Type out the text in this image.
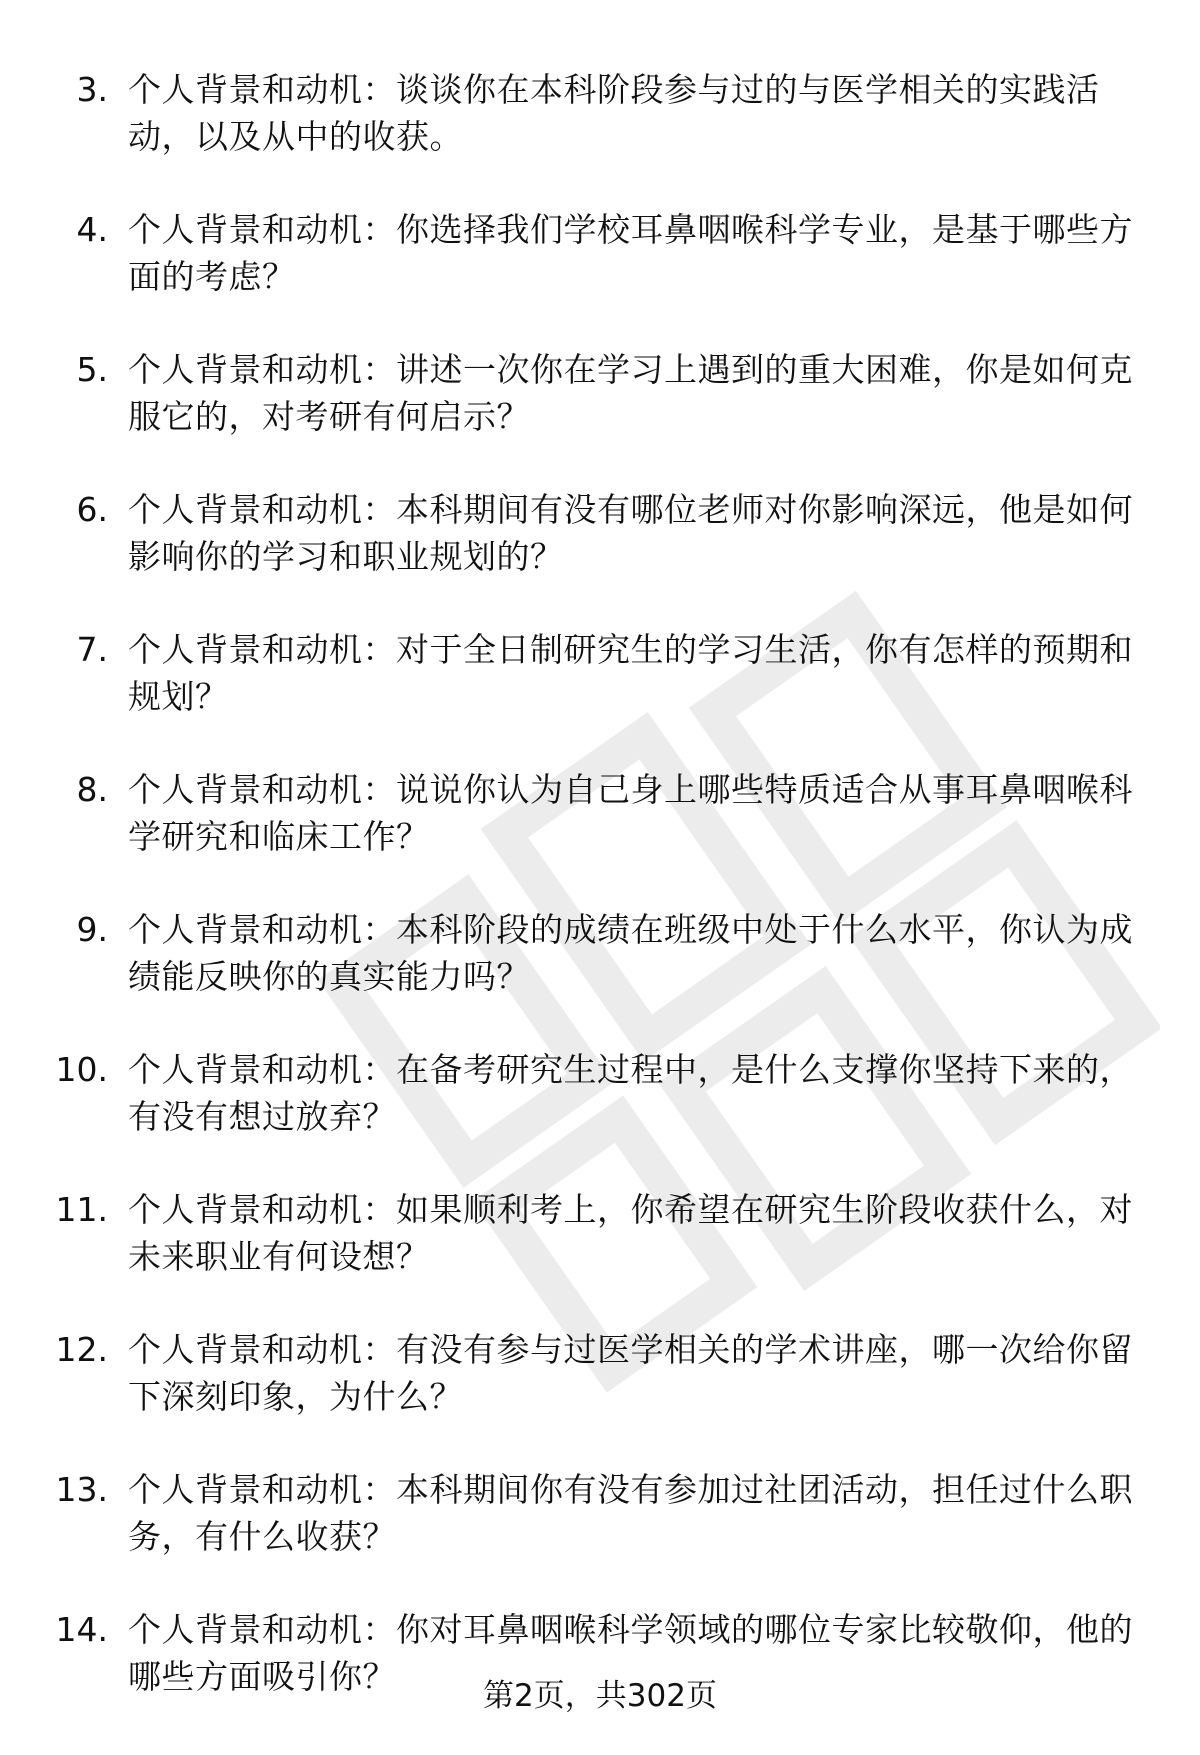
3. 个人背景和动机：谈谈你在本科阶段参与过的与医学相关的实践活动，以及从中的收获。
4. 个人背景和动机：你选择我们学校耳鼻咽喉科学专业，是基于哪些方面的考虑？
5. 个人背景和动机：讲述一次你在学习上遇到的重大困难，你是如何克服它的，对考研有何启示？
6. 个人背景和动机：本科期间有没有哪位老师对你影响深远，他是如何影响你的学习和职业规划的？
7. 个人背景和动机：对于全日制研究生的学习生活，你有怎样的预期和规划？
8. 个人背景和动机：说说你认为自己身上哪些特质适合从事耳鼻咽喉科学研究和临床工作？
9. 个人背景和动机：本科阶段的成绩在班级中处于什么水平，你认为成绩能反映你的真实能力吗？
10. 个人背景和动机：在备考研究生过程中，是什么支撑你坚持下来的，有没有想过放弃？
11. 个人背景和动机：如果顺利考上，你希望在研究生阶段收获什么，对未来职业有何设想？
12. 个人背景和动机：有没有参与过医学相关的学术讲座，哪一次给你留下深刻印象，为什么？
13. 个人背景和动机：本科期间你有没有参加过社团活动，担任过什么职务，有什么收获？
14. 个人背景和动机：你对耳鼻咽喉科学领域的哪位专家比较敬仰，他的哪些方面吸引你？	第2页，共302页
